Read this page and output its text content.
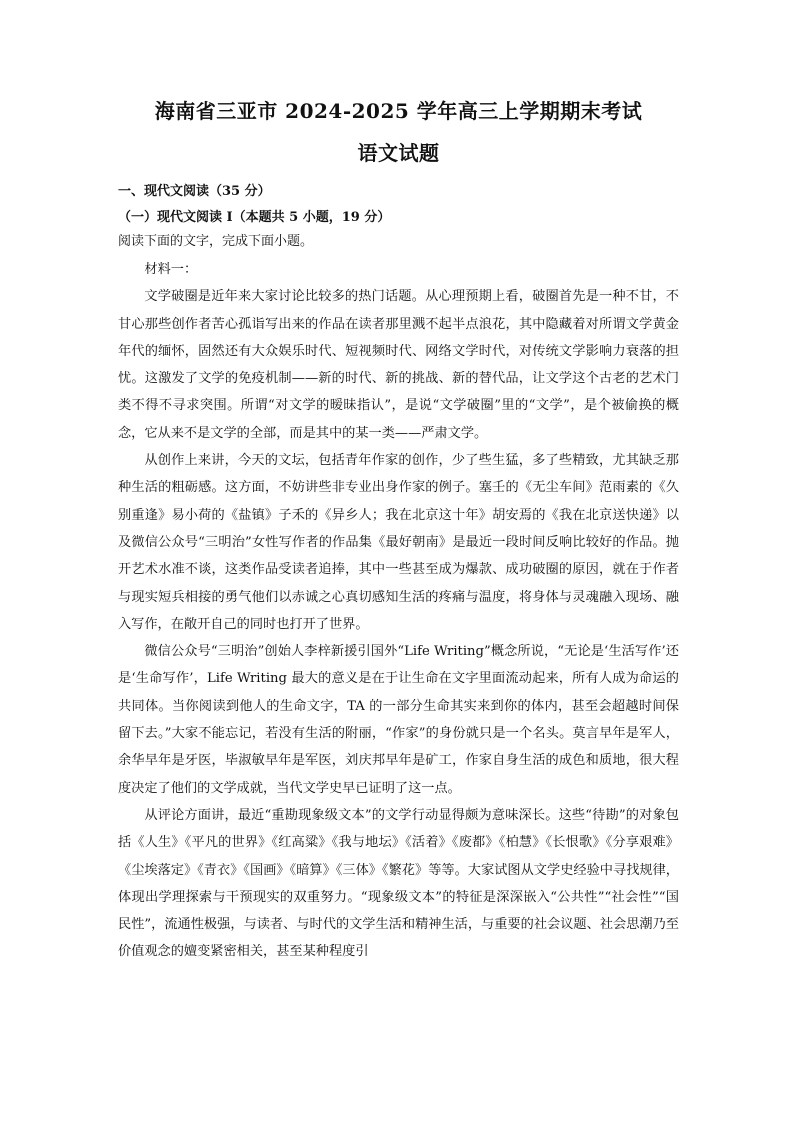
海南省三亚市 2024-2025 学年高三上学期期末考试
语文试题

一、现代文阅读（35 分）

（一）现代文阅读 I（本题共 5 小题，19 分）

阅读下面的文字，完成下面小题。

材料一：

文学破圈是近年来大家讨论比较多的热门话题。从心理预期上看，破圈首先是一种不甘，不甘心那些创作者苦心孤诣写出来的作品在读者那里溅不起半点浪花，其中隐藏着对所谓文学黄金年代的缅怀，固然还有大众娱乐时代、短视频时代、网络文学时代，对传统文学影响力衰落的担忧。这激发了文学的免疫机制——新的时代、新的挑战、新的替代品，让文学这个古老的艺术门类不得不寻求突围。所谓“对文学的暧昧指认”，是说“文学破圈”里的“文学”，是个被偷换的概念，它从来不是文学的全部，而是其中的某一类——严肃文学。

从创作上来讲，今天的文坛，包括青年作家的创作，少了些生猛，多了些精致，尤其缺乏那种生活的粗砺感。这方面，不妨讲些非专业出身作家的例子。塞壬的《无尘车间》范雨素的《久别重逢》易小荷的《盐镇》子禾的《异乡人；我在北京这十年》胡安焉的《我在北京送快递》以及微信公众号“三明治”女性写作者的作品集《最好朝南》是最近一段时间反响比较好的作品。抛开艺术水准不谈，这类作品受读者追捧，其中一些甚至成为爆款、成功破圈的原因，就在于作者与现实短兵相接的勇气他们以赤诚之心真切感知生活的疼痛与温度，将身体与灵魂融入现场、融入写作，在敞开自己的同时也打开了世界。

微信公众号“三明治”创始人李梓新援引国外“Life Writing”概念所说，“无论是‘生活写作’还是‘生命写作’，Life Writing 最大的意义是在于让生命在文字里面流动起来，所有人成为命运的共同体。当你阅读到他人的生命文字，TA 的一部分生命其实来到你的体内，甚至会超越时间保留下去。”大家不能忘记，若没有生活的附丽，“作家”的身份就只是一个名头。莫言早年是军人，余华早年是牙医，毕淑敏早年是军医，刘庆邦早年是矿工，作家自身生活的成色和质地，很大程度决定了他们的文学成就，当代文学史早已证明了这一点。

从评论方面讲，最近“重勘现象级文本”的文学行动显得颇为意味深长。这些“待勘”的对象包括《人生》《平凡的世界》《红高粱》《我与地坛》《活着》《废都》《柏慧》《长恨歌》《分享艰难》《尘埃落定》《青衣》《国画》《暗算》《三体》《繁花》等等。大家试图从文学史经验中寻找规律，体现出学理探索与干预现实的双重努力。“现象级文本”的特征是深深嵌入“公共性”“社会性”“国民性”，流通性极强，与读者、与时代的文学生活和精神生活，与重要的社会议题、社会思潮乃至价值观念的嬗变紧密相关，甚至某种程度引
